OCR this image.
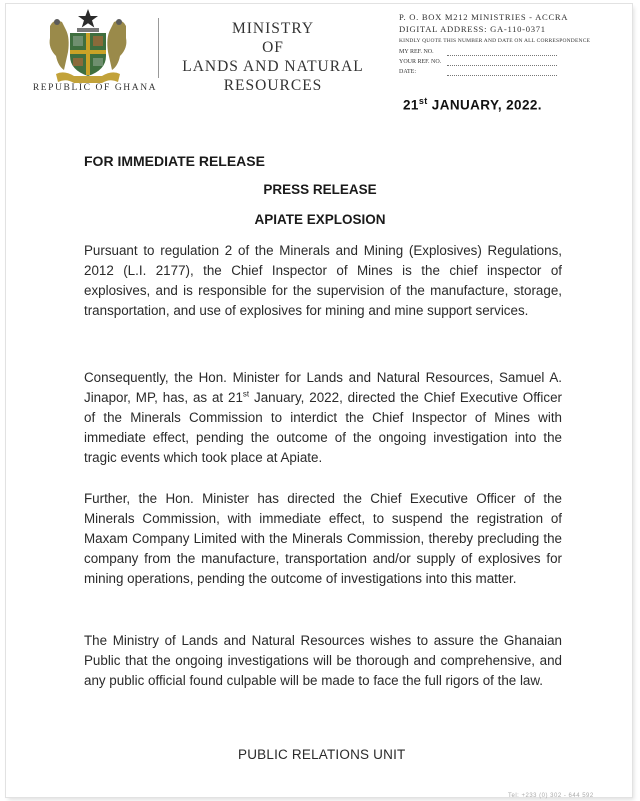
REPUBLIC OF GHANA
MINISTRY
OF
LANDS AND NATURAL
RESOURCES
P. O. BOX M212 MINISTRIES - ACCRA
DIGITAL ADDRESS: GA-110-0371
KINDLY QUOTE THIS NUMBER AND DATE ON ALL CORRESPONDENCE
MY REF. NO.
YOUR REF. NO.
DATE:
21st JANUARY, 2022.
FOR IMMEDIATE RELEASE
PRESS RELEASE
APIATE EXPLOSION
Pursuant to regulation 2 of the Minerals and Mining (Explosives) Regulations, 2012 (L.I. 2177), the Chief Inspector of Mines is the chief inspector of explosives, and is responsible for the supervision of the manufacture, storage, transportation, and use of explosives for mining and mine support services.
Consequently, the Hon. Minister for Lands and Natural Resources, Samuel A. Jinapor, MP, has, as at 21st January, 2022, directed the Chief Executive Officer of the Minerals Commission to interdict the Chief Inspector of Mines with immediate effect, pending the outcome of the ongoing investigation into the tragic events which took place at Apiate.
Further, the Hon. Minister has directed the Chief Executive Officer of the Minerals Commission, with immediate effect, to suspend the registration of Maxam Company Limited with the Minerals Commission, thereby precluding the company from the manufacture, transportation and/or supply of explosives for mining operations, pending the outcome of investigations into this matter.
The Ministry of Lands and Natural Resources wishes to assure the Ghanaian Public that the ongoing investigations will be thorough and comprehensive, and any public official found culpable will be made to face the full rigors of the law.
PUBLIC RELATIONS UNIT
Tel: +233 (0) 302 - 644 592
